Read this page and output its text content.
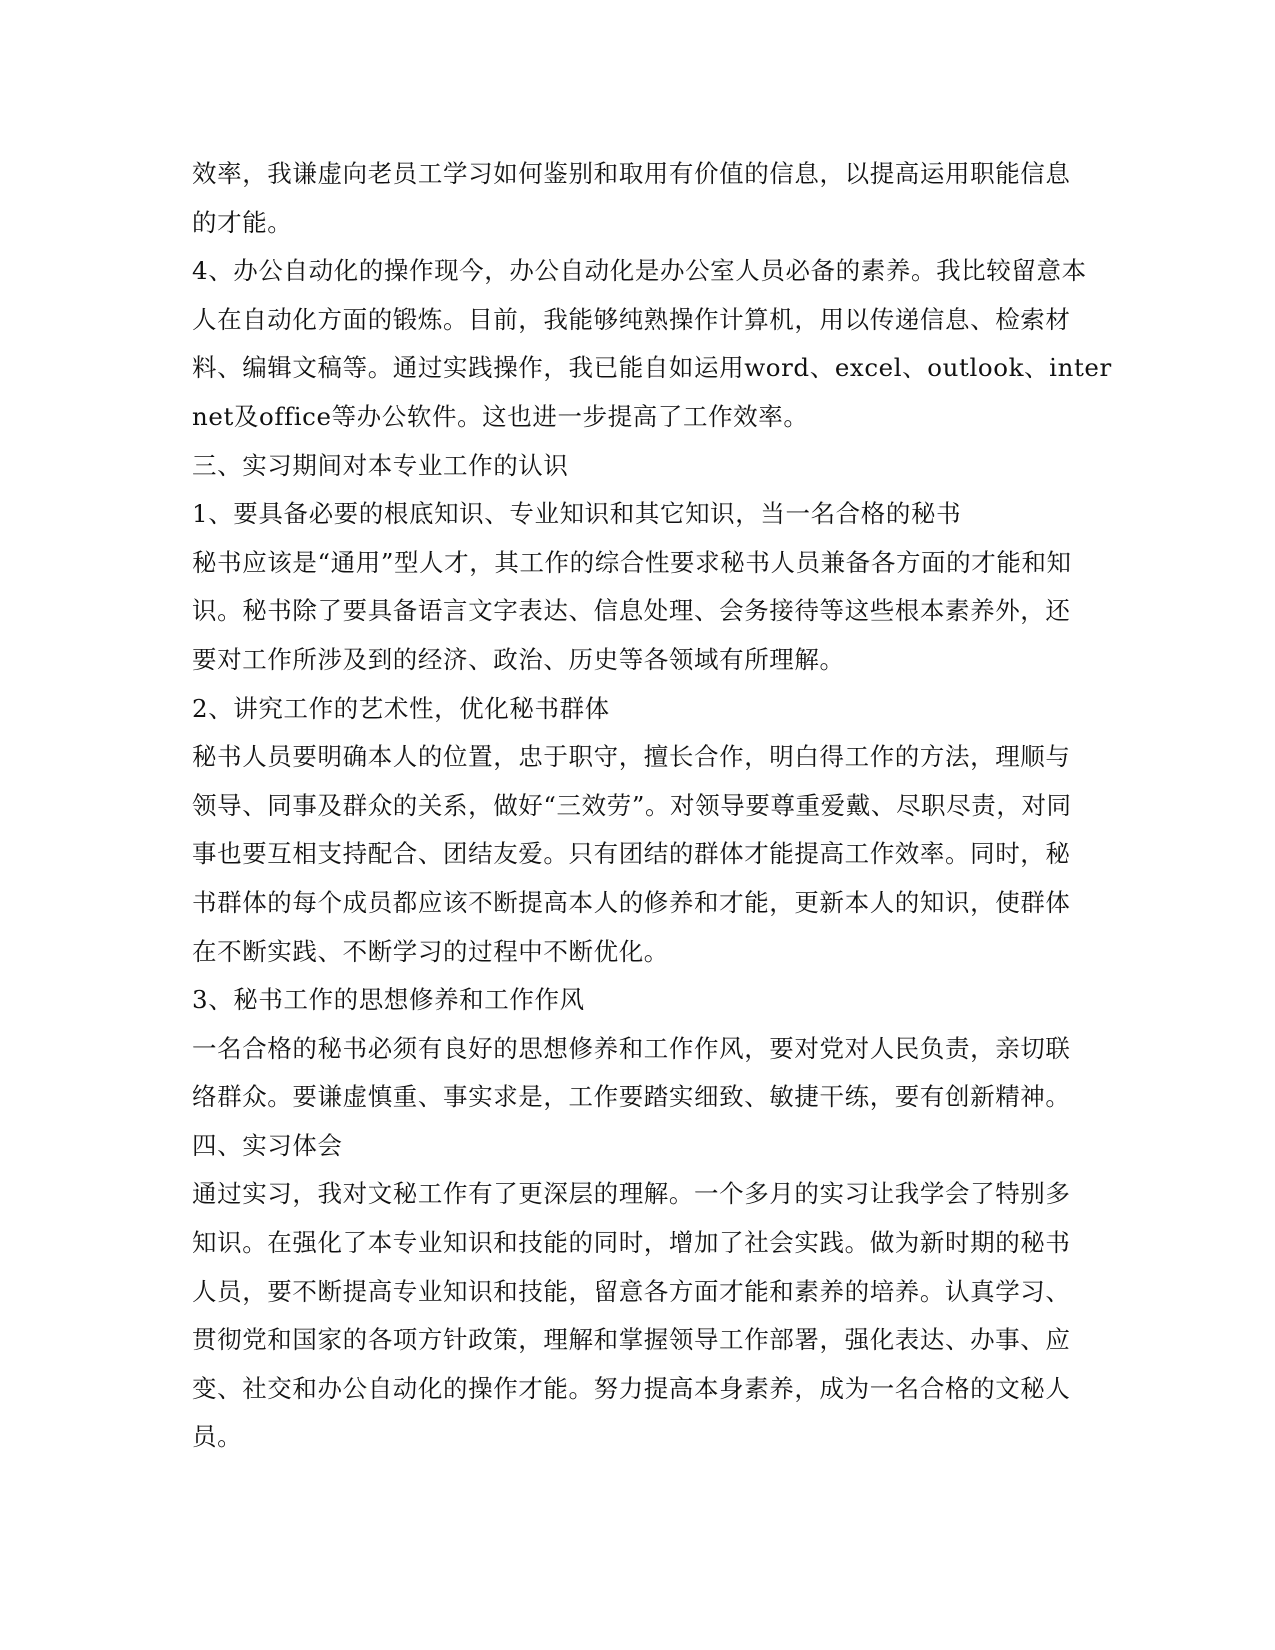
效率，我谦虚向老员工学习如何鉴别和取用有价值的信息，以提高运用职能信息
的才能。
4、办公自动化的操作现今，办公自动化是办公室人员必备的素养。我比较留意本
人在自动化方面的锻炼。目前，我能够纯熟操作计算机，用以传递信息、检索材
料、编辑文稿等。通过实践操作，我已能自如运用word、excel、outlook、inter
net及office等办公软件。这也进一步提高了工作效率。
三、实习期间对本专业工作的认识
1、要具备必要的根底知识、专业知识和其它知识，当一名合格的秘书
秘书应该是“通用”型人才，其工作的综合性要求秘书人员兼备各方面的才能和知
识。秘书除了要具备语言文字表达、信息处理、会务接待等这些根本素养外，还
要对工作所涉及到的经济、政治、历史等各领域有所理解。
2、讲究工作的艺术性，优化秘书群体
秘书人员要明确本人的位置，忠于职守，擅长合作，明白得工作的方法，理顺与
领导、同事及群众的关系，做好“三效劳”。对领导要尊重爱戴、尽职尽责，对同
事也要互相支持配合、团结友爱。只有团结的群体才能提高工作效率。同时，秘
书群体的每个成员都应该不断提高本人的修养和才能，更新本人的知识，使群体
在不断实践、不断学习的过程中不断优化。
3、秘书工作的思想修养和工作作风
一名合格的秘书必须有良好的思想修养和工作作风，要对党对人民负责，亲切联
络群众。要谦虚慎重、事实求是，工作要踏实细致、敏捷干练，要有创新精神。
四、实习体会
通过实习，我对文秘工作有了更深层的理解。一个多月的实习让我学会了特别多
知识。在强化了本专业知识和技能的同时，增加了社会实践。做为新时期的秘书
人员，要不断提高专业知识和技能，留意各方面才能和素养的培养。认真学习、
贯彻党和国家的各项方针政策，理解和掌握领导工作部署，强化表达、办事、应
变、社交和办公自动化的操作才能。努力提高本身素养，成为一名合格的文秘人
员。
